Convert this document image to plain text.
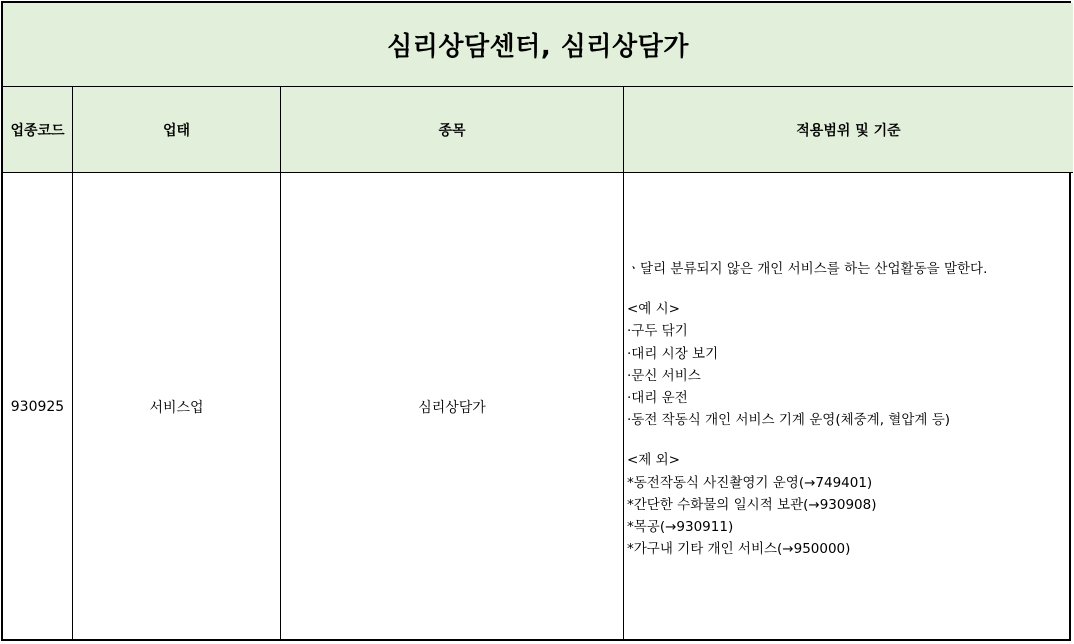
심리상담센터, 심리상담가
업종코드	업태	종목	적용범위 및 기준
930925	서비스업	심리상담가
ㆍ달리 분류되지 않은 개인 서비스를 하는 산업활동을 말한다.
<예 시>
·구두 닦기
·대리 시장 보기
·문신 서비스
·대리 운전
·동전 작동식 개인 서비스 기계 운영(체중계, 혈압계 등)
<제 외>
*동전작동식 사진촬영기 운영(→749401)
*간단한 수화물의 일시적 보관(→930908)
*목공(→930911)
*가구내 기타 개인 서비스(→950000)
